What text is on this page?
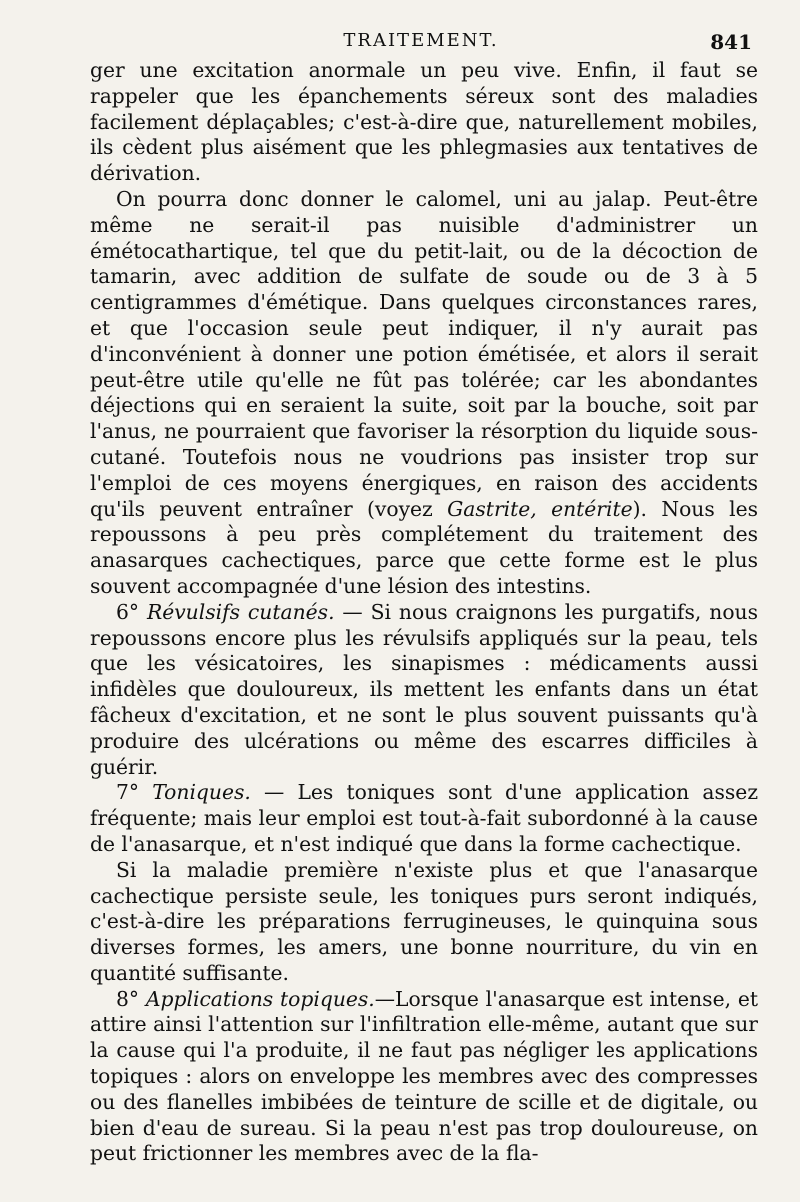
TRAITEMENT.	841

ger une excitation anormale un peu vive. Enfin, il faut se rappeler que les épanchements séreux sont des maladies facilement déplaçables; c'est-à-dire que, naturellement mobiles, ils cèdent plus aisément que les phlegmasies aux tentatives de dérivation.

On pourra donc donner le calomel, uni au jalap. Peut-être même ne serait-il pas nuisible d'administrer un émétocathartique, tel que du petit-lait, ou de la décoction de tamarin, avec addition de sulfate de soude ou de 3 à 5 centigrammes d'émétique. Dans quelques circonstances rares, et que l'occasion seule peut indiquer, il n'y aurait pas d'inconvénient à donner une potion émétisée, et alors il serait peut-être utile qu'elle ne fût pas tolérée; car les abondantes déjections qui en seraient la suite, soit par la bouche, soit par l'anus, ne pourraient que favoriser la résorption du liquide sous-cutané. Toutefois nous ne voudrions pas insister trop sur l'emploi de ces moyens énergiques, en raison des accidents qu'ils peuvent entraîner (voyez Gastrite, entérite). Nous les repoussons à peu près complétement du traitement des anasarques cachectiques, parce que cette forme est le plus souvent accompagnée d'une lésion des intestins.

6° Révulsifs cutanés. — Si nous craignons les purgatifs, nous repoussons encore plus les révulsifs appliqués sur la peau, tels que les vésicatoires, les sinapismes : médicaments aussi infidèles que douloureux, ils mettent les enfants dans un état fâcheux d'excitation, et ne sont le plus souvent puissants qu'à produire des ulcérations ou même des escarres difficiles à guérir.

7° Toniques. — Les toniques sont d'une application assez fréquente; mais leur emploi est tout-à-fait subordonné à la cause de l'anasarque, et n'est indiqué que dans la forme cachectique.

Si la maladie première n'existe plus et que l'anasarque cachectique persiste seule, les toniques purs seront indiqués, c'est-à-dire les préparations ferrugineuses, le quinquina sous diverses formes, les amers, une bonne nourriture, du vin en quantité suffisante.

8° Applications topiques.—Lorsque l'anasarque est intense, et attire ainsi l'attention sur l'infiltration elle-même, autant que sur la cause qui l'a produite, il ne faut pas négliger les applications topiques : alors on enveloppe les membres avec des compresses ou des flanelles imbibées de teinture de scille et de digitale, ou bien d'eau de sureau. Si la peau n'est pas trop douloureuse, on peut frictionner les membres avec de la fla-
